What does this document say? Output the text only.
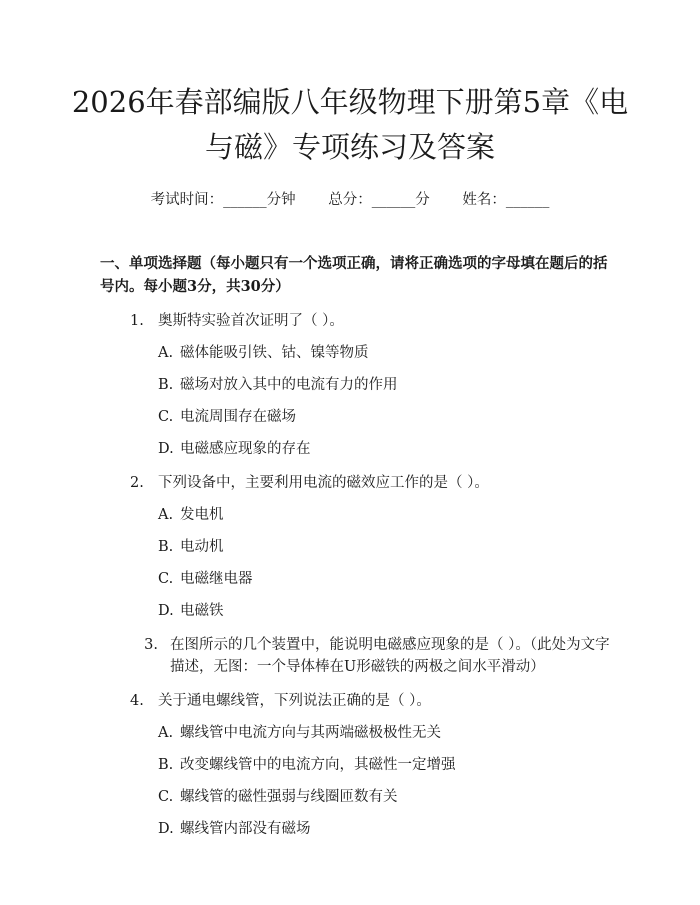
2026年春部编版八年级物理下册第5章《电
与磁》专项练习及答案
考试时间：______分钟 总分：______分 姓名：______
一、单项选择题（每小题只有一个选项正确，请将正确选项的字母填在题后的括号内。每小题3分，共30分）
1. 奥斯特实验首次证明了（ ）。
A. 磁体能吸引铁、钴、镍等物质
B. 磁场对放入其中的电流有力的作用
C. 电流周围存在磁场
D. 电磁感应现象的存在
2. 下列设备中，主要利用电流的磁效应工作的是（ ）。
A. 发电机
B. 电动机
C. 电磁继电器
D. 电磁铁
3. 在图所示的几个装置中，能说明电磁感应现象的是（ ）。（此处为文字描述，无图：一个导体棒在U形磁铁的两极之间水平滑动）
4. 关于通电螺线管，下列说法正确的是（ ）。
A. 螺线管中电流方向与其两端磁极极性无关
B. 改变螺线管中的电流方向，其磁性一定增强
C. 螺线管的磁性强弱与线圈匝数有关
D. 螺线管内部没有磁场
